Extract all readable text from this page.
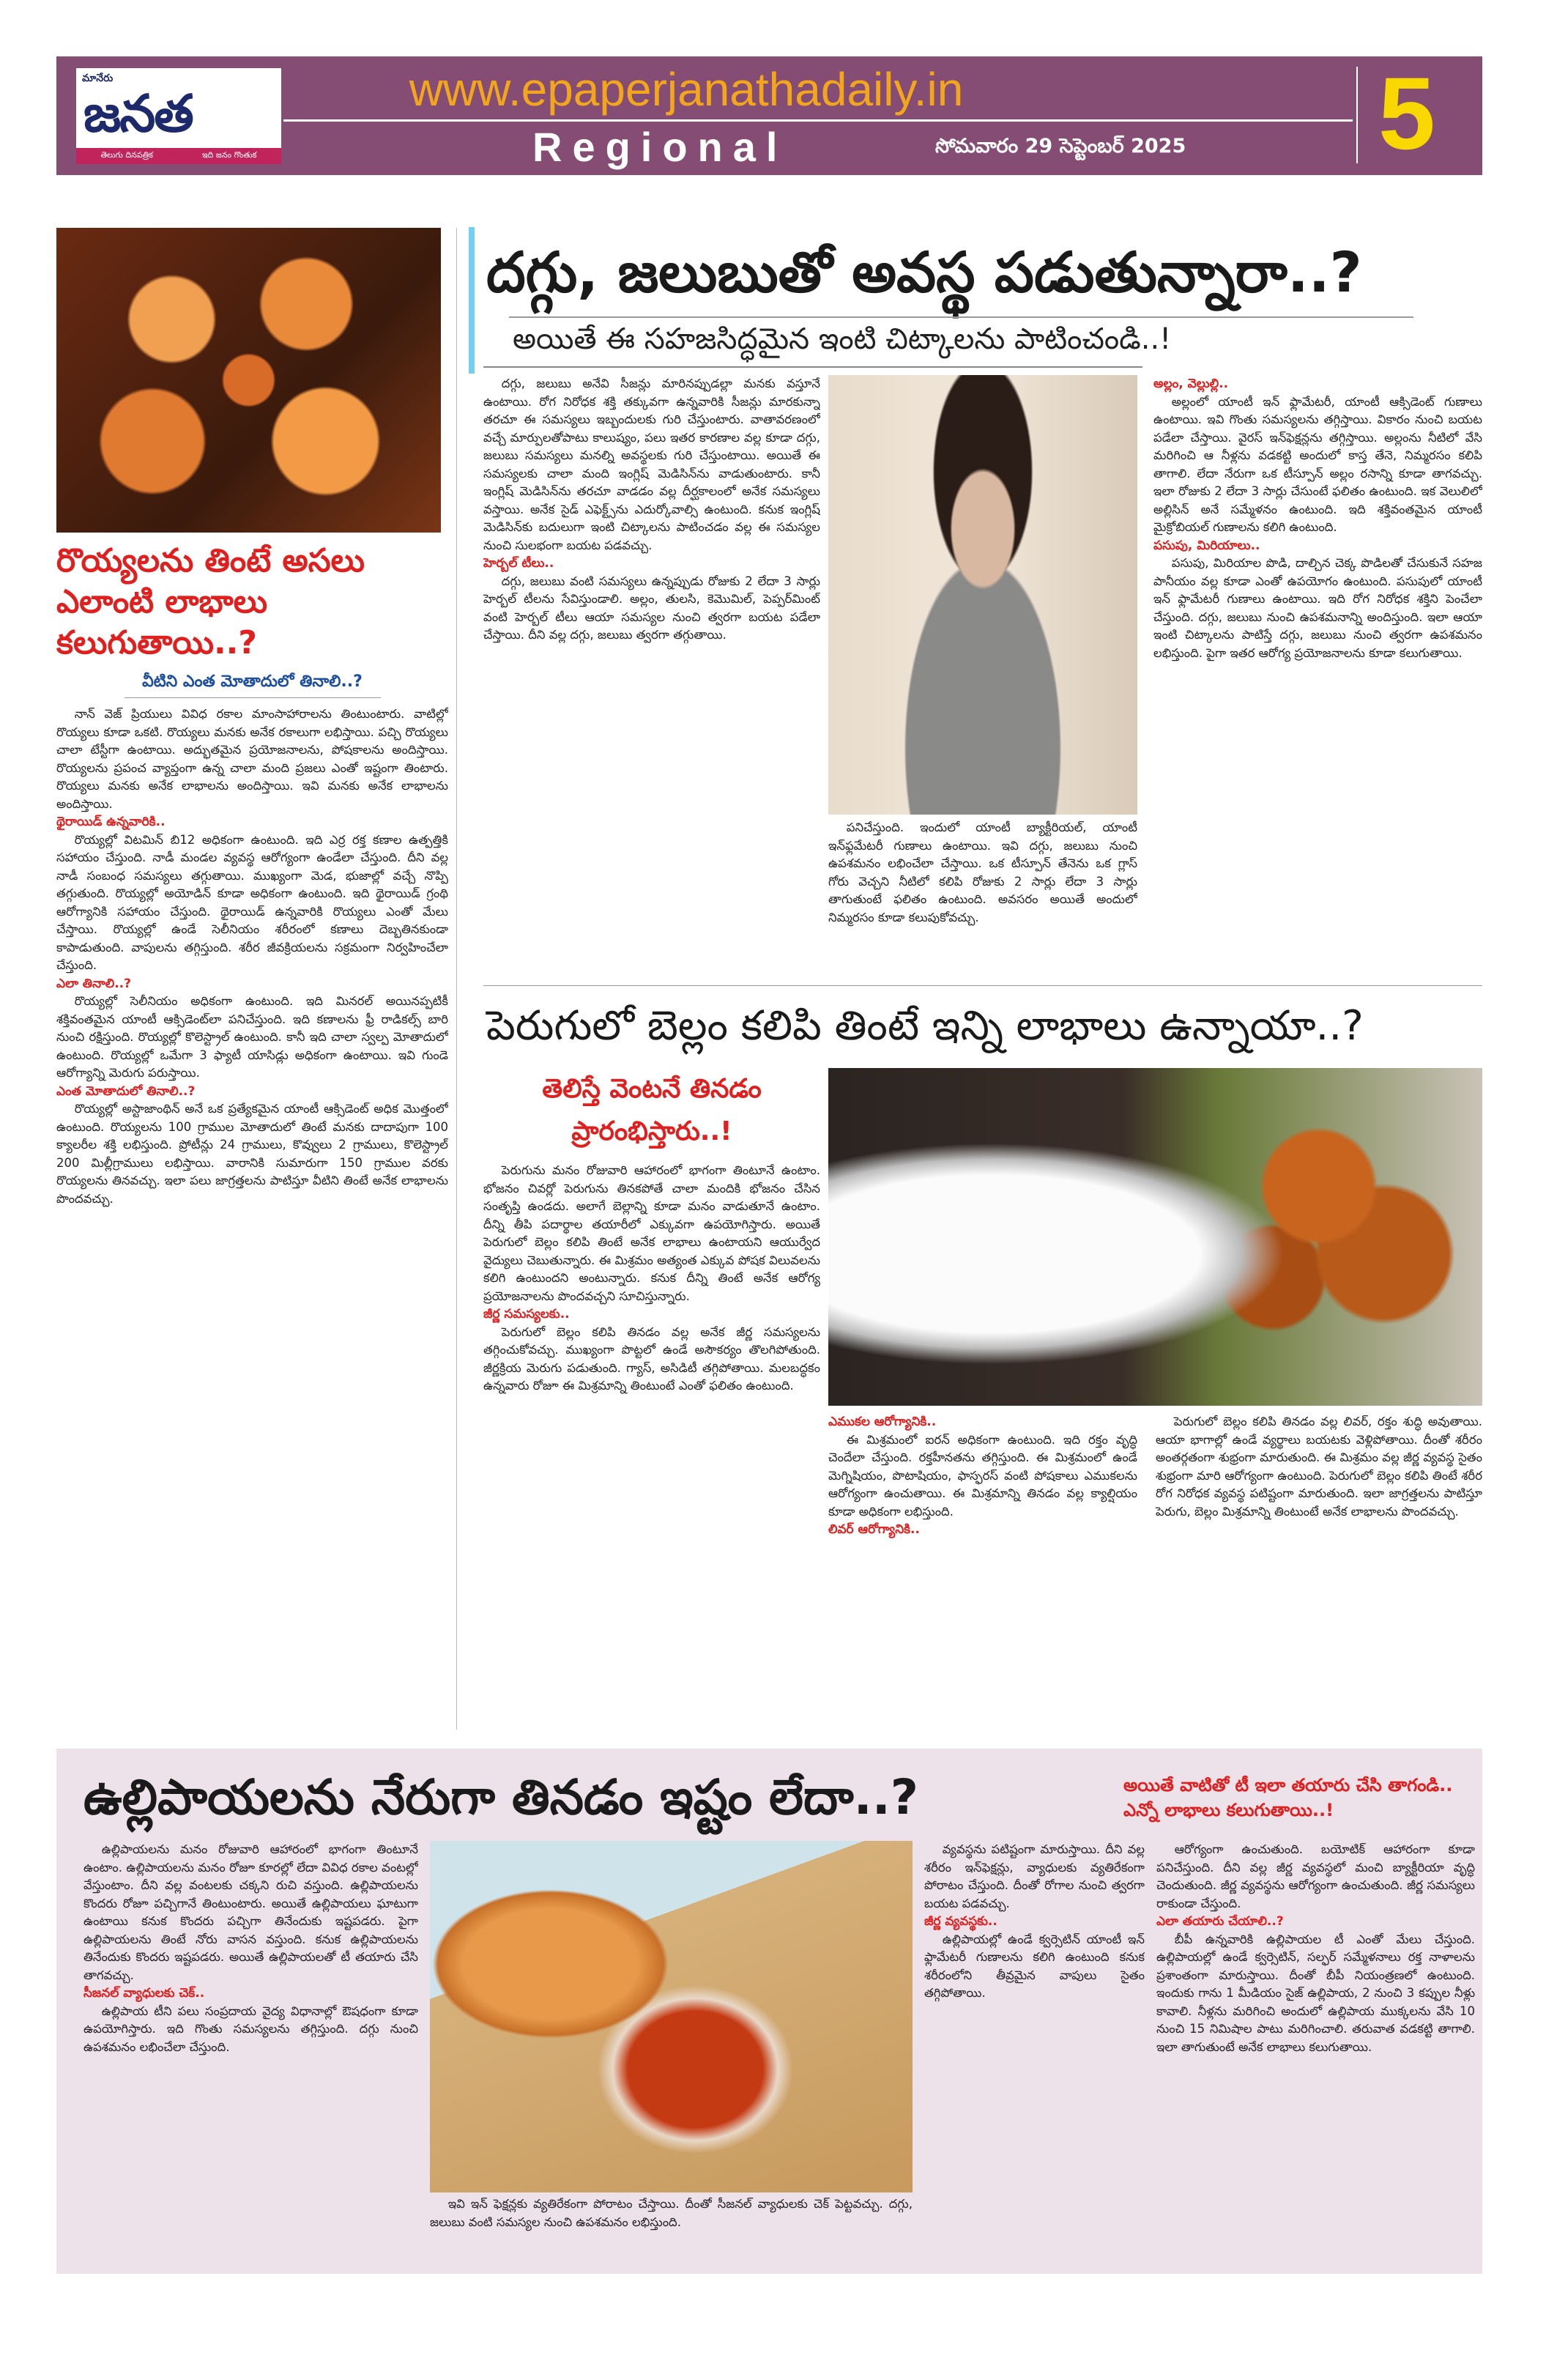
మానేరు
జనత
తెలుగు దినపత్రిక	ఇది జనం గొంతుక
www.epaperjanathadaily.in
Regional	సోమవారం 29 సెప్టెంబర్ 2025	5
రొయ్యలను తింటే అసలు ఎలాంటి లాభాలు కలుగుతాయి..?
వీటిని ఎంత మోతాదులో తినాలి..?

నాన్ వెజ్ ప్రియులు వివిధ రకాల మాంసాహారాలను తింటుంటారు. వాటిల్లో రొయ్యలు కూడా ఒకటి. రొయ్యలు మనకు అనేక రకాలుగా లభిస్తాయి. పచ్చి రొయ్యలు చాలా టేస్టీగా ఉంటాయి. అద్భుతమైన ప్రయోజనాలను, పోషకాలను అందిస్తాయి. రొయ్యలను ప్రపంచ వ్యాప్తంగా ఉన్న చాలా మంది ప్రజలు ఎంతో ఇష్టంగా తింటారు. రొయ్యలు మనకు అనేక లాభాలను అందిస్తాయి. ఇవి మనకు అనేక లాభాలను అందిస్తాయి.

థైరాయిడ్ ఉన్నవారికి..

రొయ్యల్లో విటమిన్ బి12 అధికంగా ఉంటుంది. ఇది ఎర్ర రక్త కణాల ఉత్పత్తికి సహాయం చేస్తుంది. నాడీ మండల వ్యవస్థ ఆరోగ్యంగా ఉండేలా చేస్తుంది. దీని వల్ల నాడీ సంబంధ సమస్యలు తగ్గుతాయి. ముఖ్యంగా మెడ, భుజాల్లో వచ్చే నొప్పి తగ్గుతుంది. రొయ్యల్లో అయోడిన్ కూడా అధికంగా ఉంటుంది. ఇది థైరాయిడ్ గ్రంథి ఆరోగ్యానికి సహాయం చేస్తుంది. థైరాయిడ్ ఉన్నవారికి రొయ్యలు ఎంతో మేలు చేస్తాయి. రొయ్యల్లో ఉండే సెలీనియం శరీరంలో కణాలు దెబ్బతినకుండా కాపాడుతుంది. వాపులను తగ్గిస్తుంది. శరీర జీవక్రియలను సక్రమంగా నిర్వహించేలా చేస్తుంది.

ఎలా తినాలి..?

రొయ్యల్లో సెలీనియం అధికంగా ఉంటుంది. ఇది మినరల్ అయినప్పటికీ శక్తివంతమైన యాంటీ ఆక్సిడెంట్‌లా పనిచేస్తుంది. ఇది కణాలను ఫ్రీ రాడికల్స్ బారి నుంచి రక్షిస్తుంది. రొయ్యల్లో కొలెస్ట్రాల్ ఉంటుంది. కానీ ఇది చాలా స్వల్ప మోతాదులో ఉంటుంది. రొయ్యల్లో ఒమేగా 3 ఫ్యాటీ యాసిడ్లు అధికంగా ఉంటాయి. ఇవి గుండె ఆరోగ్యాన్ని మెరుగు పరుస్తాయి.

ఎంత మోతాదులో తినాలి..?

రొయ్యల్లో అస్టాజాంథిన్ అనే ఒక ప్రత్యేకమైన యాంటీ ఆక్సిడెంట్ అధిక మొత్తంలో ఉంటుంది. రొయ్యలను 100 గ్రాముల మోతాదులో తింటే మనకు దాదాపుగా 100 క్యాలరీల శక్తి లభిస్తుంది. ప్రోటీన్లు 24 గ్రాములు, కొవ్వులు 2 గ్రాములు, కొలెస్ట్రాల్ 200 మిల్లీగ్రాములు లభిస్తాయి. వారానికి సుమారుగా 150 గ్రాముల వరకు రొయ్యలను తినవచ్చు. ఇలా పలు జాగ్రత్తలను పాటిస్తూ వీటిని తింటే అనేక లాభాలను పొందవచ్చు.

దగ్గు, జలుబుతో అవస్థ పడుతున్నారా..?
అయితే ఈ సహజసిద్ధమైన ఇంటి చిట్కాలను పాటించండి..!

దగ్గు, జలుబు అనేవి సీజన్లు మారినప్పుడల్లా మనకు వస్తూనే ఉంటాయి. రోగ నిరోధక శక్తి తక్కువగా ఉన్నవారికి సీజన్లు మారకున్నా తరచూ ఈ సమస్యలు ఇబ్బందులకు గురి చేస్తుంటారు. వాతావరణంలో వచ్చే మార్పులతోపాటు కాలుష్యం, పలు ఇతర కారణాల వల్ల కూడా దగ్గు, జలుబు సమస్యలు మనల్ని అవస్థలకు గురి చేస్తుంటాయి. అయితే ఈ సమస్యలకు చాలా మంది ఇంగ్లిష్ మెడిసిన్‌ను వాడుతుంటారు. కానీ ఇంగ్లిష్ మెడిసిన్‌ను తరచూ వాడడం వల్ల దీర్ఘకాలంలో అనేక సమస్యలు వస్తాయి. అనేక సైడ్ ఎఫెక్ట్స్‌ను ఎదుర్కోవాల్సి ఉంటుంది. కనుక ఇంగ్లిష్ మెడిసిన్‌కు బదులుగా ఇంటి చిట్కాలను పాటించడం వల్ల ఈ సమస్యల నుంచి సులభంగా బయట పడవచ్చు.

హెర్బల్ టీలు..

దగ్గు, జలుబు వంటి సమస్యలు ఉన్నప్పుడు రోజుకు 2 లేదా 3 సార్లు హెర్బల్ టీలను సేవిస్తుండాలి. అల్లం, తులసి, కెమొమిల్, పెప్పర్‌మింట్ వంటి హెర్బల్ టీలు ఆయా సమస్యల నుంచి త్వరగా బయట పడేలా చేస్తాయి. దీని వల్ల దగ్గు, జలుబు త్వరగా తగ్గుతాయి.

పనిచేస్తుంది. ఇందులో యాంటీ బ్యాక్టీరియల్, యాంటీ ఇన్‌ఫ్లమేటరీ గుణాలు ఉంటాయి. ఇవి దగ్గు, జలుబు నుంచి ఉపశమనం లభించేలా చేస్తాయి. ఒక టీస్పూన్ తేనెను ఒక గ్లాస్ గోరు వెచ్చని నీటిలో కలిపి రోజుకు 2 సార్లు లేదా 3 సార్లు తాగుతుంటే ఫలితం ఉంటుంది. అవసరం అయితే అందులో నిమ్మరసం కూడా కలుపుకోవచ్చు.

అల్లం, వెల్లుల్లి..

అల్లంలో యాంటీ ఇన్ ఫ్లామేటరీ, యాంటీ ఆక్సిడెంట్ గుణాలు ఉంటాయి. ఇవి గొంతు సమస్యలను తగ్గిస్తాయి. వికారం నుంచి బయట పడేలా చేస్తాయి. వైరస్ ఇన్‌ఫెక్షన్లను తగ్గిస్తాయి. అల్లంను నీటిలో వేసి మరిగించి ఆ నీళ్లను వడకట్టి అందులో కాస్త తేనె, నిమ్మరసం కలిపి తాగాలి. లేదా నేరుగా ఒక టీస్పూన్ అల్లం రసాన్ని కూడా తాగవచ్చు. ఇలా రోజుకు 2 లేదా 3 సార్లు చేసుంటే ఫలితం ఉంటుంది. ఇక వెలులిలో అల్లిసిన్ అనే సమ్మేళనం ఉంటుంది. ఇది శక్తివంతమైన యాంటీ మైక్రోబియల్ గుణాలను కలిగి ఉంటుంది.

పసుపు, మిరియాలు..

పసుపు, మిరియాల పొడి, దాల్చిన చెక్క పొడిలతో చేసుకునే సహజ పానీయం వల్ల కూడా ఎంతో ఉపయోగం ఉంటుంది. పసుపులో యాంటీ ఇన్ ఫ్లామేటరీ గుణాలు ఉంటాయి. ఇది రోగ నిరోధక శక్తిని పెంచేలా చేస్తుంది. దగ్గు, జలుబు నుంచి ఉపశమనాన్ని అందిస్తుంది. ఇలా ఆయా ఇంటి చిట్కాలను పాటిస్తే దగ్గు, జలుబు నుంచి త్వరగా ఉపశమనం లభిస్తుంది. పైగా ఇతర ఆరోగ్య ప్రయోజనాలను కూడా కలుగుతాయి.

పెరుగులో బెల్లం కలిపి తింటే ఇన్ని లాభాలు ఉన్నాయా..?
తెలిస్తే వెంటనే తినడం ప్రారంభిస్తారు..!

పెరుగును మనం రోజువారి ఆహారంలో భాగంగా తింటూనే ఉంటాం. భోజనం చివర్లో పెరుగును తినకపోతే చాలా మందికి భోజనం చేసిన సంతృప్తి ఉండదు. అలాగే బెల్లాన్ని కూడా మనం వాడుతూనే ఉంటాం. దీన్ని తీపి పదార్థాల తయారీలో ఎక్కువగా ఉపయోగిస్తారు. అయితే పెరుగులో బెల్లం కలిపి తింటే అనేక లాభాలు ఉంటాయని ఆయుర్వేద వైద్యులు చెబుతున్నారు. ఈ మిశ్రమం అత్యంత ఎక్కువ పోషక విలువలను కలిగి ఉంటుందని అంటున్నారు. కనుక దీన్ని తింటే అనేక ఆరోగ్య ప్రయోజనాలను పొందవచ్చని సూచిస్తున్నారు.

జీర్ణ సమస్యలకు..

పెరుగులో బెల్లం కలిపి తినడం వల్ల అనేక జీర్ణ సమస్యలను తగ్గించుకోవచ్చు. ముఖ్యంగా పొట్టలో ఉండే అసౌకర్యం తొలగిపోతుంది. జీర్ణక్రియ మెరుగు పడుతుంది. గ్యాస్, అసిడిటీ తగ్గిపోతాయి. మలబద్ధకం ఉన్నవారు రోజూ ఈ మిశ్రమాన్ని తింటుంటే ఎంతో ఫలితం ఉంటుంది.

ఎముకల ఆరోగ్యానికి..

ఈ మిశ్రమంలో ఐరన్ అధికంగా ఉంటుంది. ఇది రక్తం వృద్ధి చెందేలా చేస్తుంది. రక్తహీనతను తగ్గిస్తుంది. ఈ మిశ్రమంలో ఉండే మెగ్నిషియం, పొటాషియం, ఫాస్ఫరస్ వంటి పోషకాలు ఎముకలను ఆరోగ్యంగా ఉంచుతాయి. ఈ మిశ్రమాన్ని తినడం వల్ల క్యాల్షియం కూడా అధికంగా లభిస్తుంది.

లివర్ ఆరోగ్యానికి..

పెరుగులో బెల్లం కలిపి తినడం వల్ల లివర్, రక్తం శుద్ధి అవుతాయి. ఆయా భాగాల్లో ఉండే వ్యర్థాలు బయటకు వెళ్లిపోతాయి. దీంతో శరీరం అంతర్గతంగా శుభ్రంగా మారుతుంది. ఈ మిశ్రమం వల్ల జీర్ణ వ్యవస్థ సైతం శుభ్రంగా మారి ఆరోగ్యంగా ఉంటుంది. పెరుగులో బెల్లం కలిపి తింటే శరీర రోగ నిరోధక వ్యవస్థ పటిష్టంగా మారుతుంది. ఇలా జాగ్రత్తలను పాటిస్తూ పెరుగు, బెల్లం మిశ్రమాన్ని తింటుంటే అనేక లాభాలను పొందవచ్చు.

ఉల్లిపాయలను నేరుగా తినడం ఇష్టం లేదా..?	అయితే వాటితో టీ ఇలా తయారు చేసి తాగండి.. ఎన్నో లాభాలు కలుగుతాయి..!

ఉల్లిపాయలను మనం రోజువారి ఆహారంలో భాగంగా తింటూనే ఉంటాం. ఉల్లిపాయలను మనం రోజూ కూరల్లో లేదా వివిధ రకాల వంటల్లో వేస్తుంటాం. దీని వల్ల వంటలకు చక్కని రుచి వస్తుంది. ఉల్లిపాయలను కొందరు రోజూ పచ్చిగానే తింటుంటారు. అయితే ఉల్లిపాయలు ఘాటుగా ఉంటాయి కనుక కొందరు పచ్చిగా తినేందుకు ఇష్టపడరు. పైగా ఉల్లిపాయలను తింటే నోరు వాసన వస్తుంది. కనుక ఉల్లిపాయలను తినేందుకు కొందరు ఇష్టపడరు. అయితే ఉల్లిపాయలతో టీ తయారు చేసి తాగవచ్చు.

సీజనల్ వ్యాధులకు చెక్..

ఉల్లిపాయ టీని పలు సంప్రదాయ వైద్య విధానాల్లో ఔషధంగా కూడా ఉపయోగిస్తారు. ఇది గొంతు సమస్యలను తగ్గిస్తుంది. దగ్గు నుంచి ఉపశమనం లభించేలా చేస్తుంది.

ఇవి ఇన్ ఫెక్షన్లకు వ్యతిరేకంగా పోరాటం చేస్తాయి. దీంతో సీజనల్ వ్యాధులకు చెక్ పెట్టవచ్చు. దగ్గు, జలుబు వంటి సమస్యల నుంచి ఉపశమనం లభిస్తుంది.

వ్యవస్థను పటిష్టంగా మారుస్తాయి. దీని వల్ల శరీరం ఇన్‌ఫెక్షన్లు, వ్యాధులకు వ్యతిరేకంగా పోరాటం చేస్తుంది. దీంతో రోగాల నుంచి త్వరగా బయట పడవచ్చు.

జీర్ణ వ్యవస్థకు..

ఉల్లిపాయల్లో ఉండే క్వర్సెటిన్ యాంటీ ఇన్ ఫ్లామేటరీ గుణాలను కలిగి ఉంటుంది కనుక శరీరంలోని తీవ్రమైన వాపులు సైతం తగ్గిపోతాయి.

ఆరోగ్యంగా ఉంచుతుంది. బయోటిక్ ఆహారంగా కూడా పనిచేస్తుంది. దీని వల్ల జీర్ణ వ్యవస్థలో మంచి బ్యాక్టీరియా వృద్ధి చెందుతుంది. జీర్ణ వ్యవస్థను ఆరోగ్యంగా ఉంచుతుంది. జీర్ణ సమస్యలు రాకుండా చేస్తుంది.

ఎలా తయారు చేయాలి..?

బీపీ ఉన్నవారికి ఉల్లిపాయల టీ ఎంతో మేలు చేస్తుంది. ఉల్లిపాయల్లో ఉండే క్వర్సెటిన్, సల్ఫర్ సమ్మేళనాలు రక్త నాళాలను ప్రశాంతంగా మారుస్తాయి. దీంతో బీపీ నియంత్రణలో ఉంటుంది. ఇందుకు గాను 1 మీడియం సైజ్ ఉల్లిపాయ, 2 నుంచి 3 కప్పుల నీళ్లు కావాలి. నీళ్లను మరిగించి అందులో ఉల్లిపాయ ముక్కలను వేసి 10 నుంచి 15 నిమిషాల పాటు మరిగించాలి. తరువాత వడకట్టి తాగాలి. ఇలా తాగుతుంటే అనేక లాభాలు కలుగుతాయి.
